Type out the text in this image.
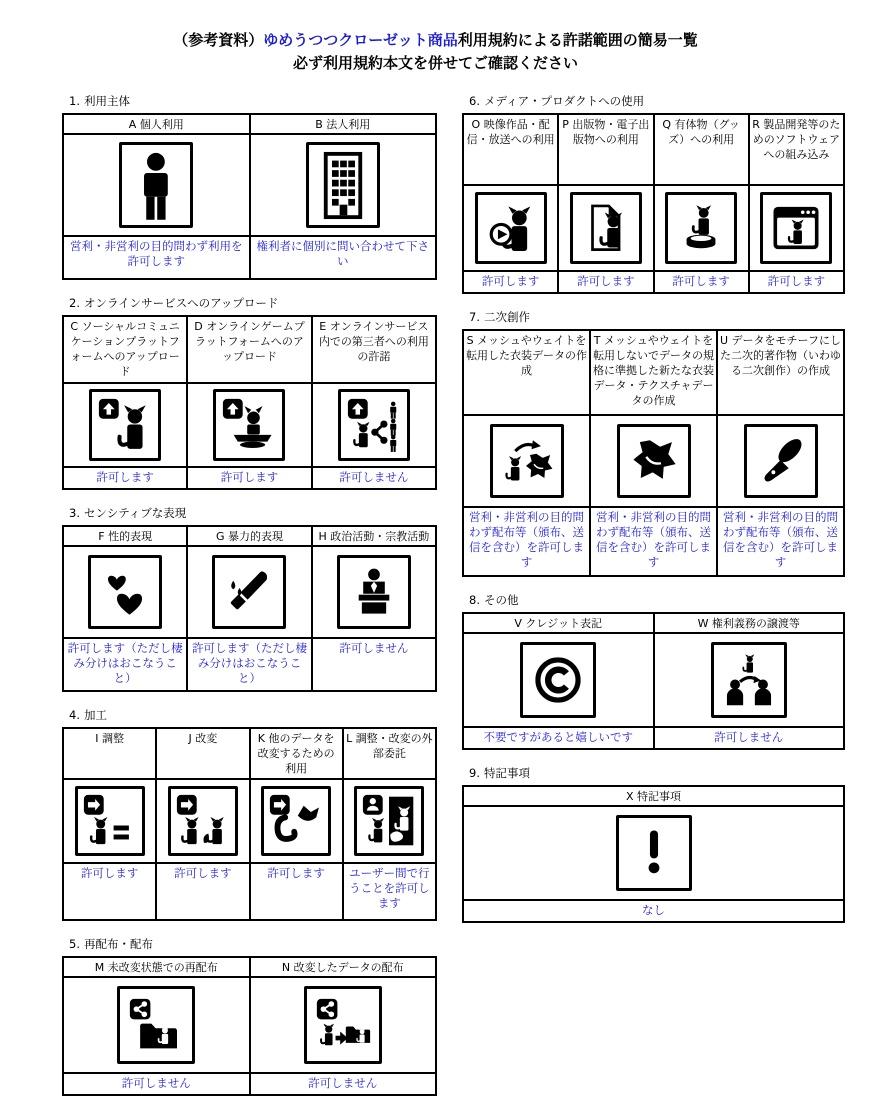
（参考資料）ゆめうつつクローゼット商品利用規約による許諾範囲の簡易一覧
必ず利用規約本文を併せてご確認ください
1. 利用主体
A 個人利用	B 法人利用

営利・非営利の目的問わず利用を許可します	権利者に個別に問い合わせて下さい
2. オンラインサービスへのアップロード
C ソーシャルコミュニケーションプラットフォームへのアップロード	D オンラインゲームプラットフォームへのアップロード	E オンラインサービス内での第三者への利用の許諾

許可します	許可します	許可しません
3. センシティブな表現
F 性的表現	G 暴力的表現	H 政治活動・宗教活動

許可します（ただし棲み分けはおこなうこと）	許可します（ただし棲み分けはおこなうこと）	許可しません
4. 加工
I 調整	J 改変	K 他のデータを改変するための利用	L 調整・改変の外部委託

許可します	許可します	許可します	ユーザー間で行うことを許可します
5. 再配布・配布
M 未改変状態での再配布	N 改変したデータの配布

許可しません	許可しません
6. メディア・プロダクトへの使用
O 映像作品・配信・放送への利用	P 出版物・電子出版物への利用	Q 有体物（グッズ）への利用	R 製品開発等のためのソフトウェアへの組み込み

許可します	許可します	許可します	許可します
7. 二次創作
S メッシュやウェイトを転用した衣装データの作成	T メッシュやウェイトを転用しないでデータの規格に準拠した新たな衣装データ・テクスチャデータの作成	U データをモチーフにした二次的著作物（いわゆる二次創作）の作成

営利・非営利の目的問わず配布等（頒布、送信を含む）を許可します	営利・非営利の目的問わず配布等（頒布、送信を含む）を許可します	営利・非営利の目的問わず配布等（頒布、送信を含む）を許可します
8. その他
V クレジット表記	W 権利義務の譲渡等

不要ですがあると嬉しいです	許可しません
9. 特記事項
X 特記事項

なし
